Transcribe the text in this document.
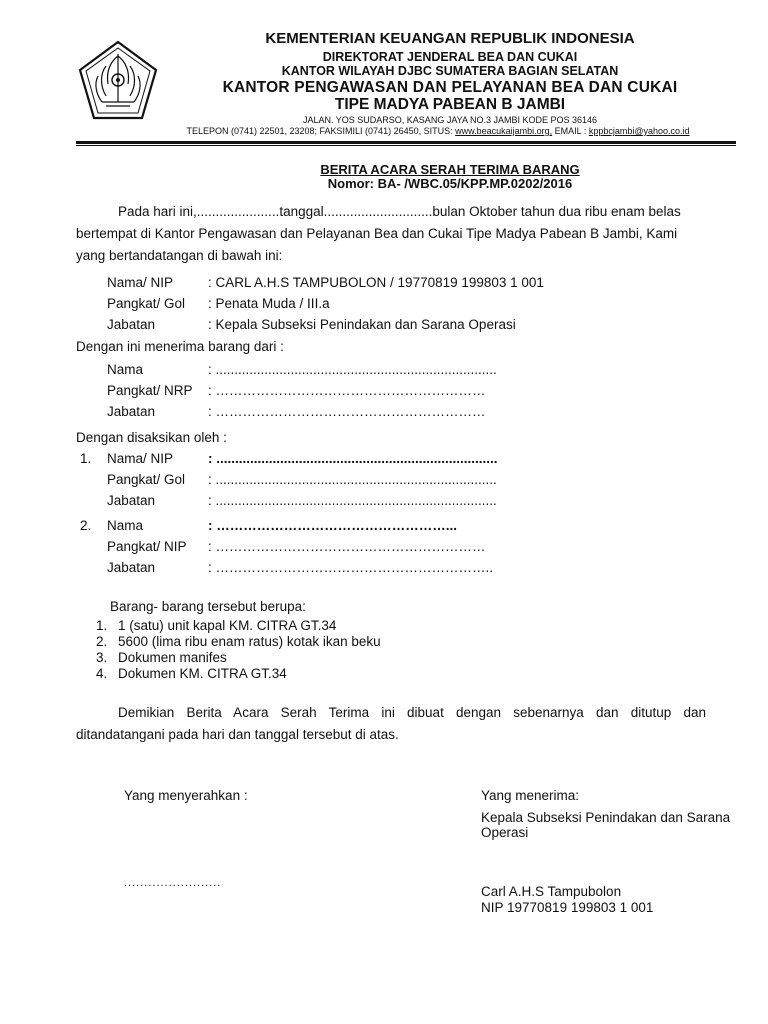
KEMENTERIAN KEUANGAN REPUBLIK INDONESIA
DIREKTORAT JENDERAL BEA DAN CUKAI
KANTOR WILAYAH DJBC SUMATERA BAGIAN SELATAN
KANTOR PENGAWASAN DAN PELAYANAN BEA DAN CUKAI
TIPE MADYA PABEAN B JAMBI
JALAN. YOS SUDARSO, KASANG JAYA NO.3 JAMBI KODE POS 36146
TELEPON (0741) 22501, 23208; FAKSIMILI (0741) 26450, SITUS: www.beacukaijambi.org, EMAIL : kppbcjambi@yahoo.co.id
BERITA ACARA SERAH TERIMA BARANG
Nomor: BA- /WBC.05/KPP.MP.0202/2016
Pada hari ini,......................tanggal.............................bulan Oktober tahun dua ribu enam belas
bertempat di Kantor Pengawasan dan Pelayanan Bea dan Cukai Tipe Madya Pabean B Jambi, Kami
yang bertandatangan di bawah ini:
Nama/ NIP	: CARL A.H.S TAMPUBOLON / 19770819 199803 1 001
Pangkat/ Gol : Penata Muda / III.a
Jabatan	: Kepala Subseksi Penindakan dan Sarana Operasi
Dengan ini menerima barang dari :
Nama	: ...........................................................................
Pangkat/ NRP : ……………………………………………………
Jabatan	: ……………………………………………………
Dengan disaksikan oleh :
1. Nama/ NIP	: ...........................................................................
Pangkat/ Gol : ...........................................................................
Jabatan	: ...........................................................................
2. Nama	: ……………………………………………...
Pangkat/ NIP : ……………………………………………………
Jabatan	: ……………………………………………………..
Barang- barang tersebut berupa:
1. 1 (satu) unit kapal KM. CITRA GT.34
2. 5600 (lima ribu enam ratus) kotak ikan beku
3. Dokumen manifes
4. Dokumen KM. CITRA GT.34
Demikian Berita Acara Serah Terima ini dibuat dengan sebenarnya dan ditutup dan
ditandatangani pada hari dan tanggal tersebut di atas.
Yang menyerahkan :
........................
Yang menerima:
Kepala Subseksi Penindakan dan Sarana
Operasi
Carl A.H.S Tampubolon
NIP 19770819 199803 1 001
